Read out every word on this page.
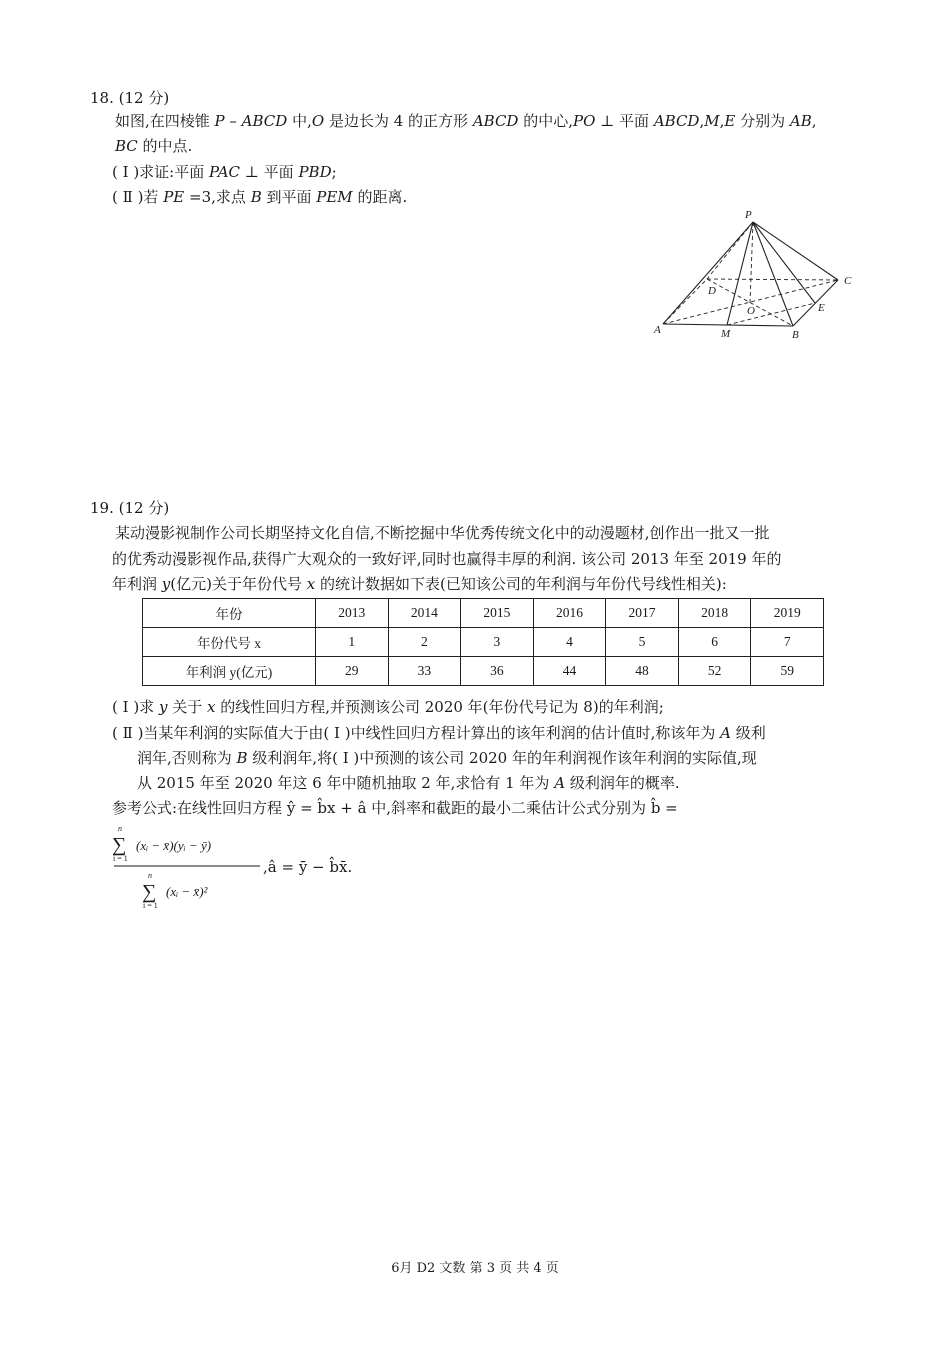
18. (12 分)
如图,在四棱锥 P – ABCD 中,O 是边长为 4 的正方形 ABCD 的中心,PO ⊥ 平面 ABCD,M,E 分别为 AB,
BC 的中点.
( Ⅰ )求证:平面 PAC ⊥ 平面 PBD;
( Ⅱ )若 PE =3,求点 B 到平面 PEM 的距离.
P
C
D
E
O
A	M	B
19. (12 分)
某动漫影视制作公司长期坚持文化自信,不断挖掘中华优秀传统文化中的动漫题材,创作出一批又一批
的优秀动漫影视作品,获得广大观众的一致好评,同时也赢得丰厚的利润. 该公司 2013 年至 2019 年的
年利润 y(亿元)关于年份代号 x 的统计数据如下表(已知该公司的年利润与年份代号线性相关):
年份	2013	2014	2015	2016	2017	2018	2019
年份代号 x	1	2	3	4	5	6	7
年利润 y(亿元)	29	33	36	44	48	52	59
( Ⅰ )求 y 关于 x 的线性回归方程,并预测该公司 2020 年(年份代号记为 8)的年利润;
( Ⅱ )当某年利润的实际值大于由( Ⅰ )中线性回归方程计算出的该年利润的估计值时,称该年为 A 级利
润年,否则称为 B 级利润年,将( Ⅰ )中预测的该公司 2020 年的年利润视作该年利润的实际值,现
从 2015 年至 2020 年这 6 年中随机抽取 2 年,求恰有 1 年为 A 级利润年的概率.
参考公式:在线性回归方程 ŷ = b̂x + â 中,斜率和截距的最小二乘估计公式分别为 b̂ =
n
∑
i = 1
(xᵢ − x̄)(yᵢ − ȳ)
n
∑
i = 1
(xᵢ − x̄)²
,â = ȳ − b̂x̄.
6月 D2 文数 第 3 页 共 4 页
